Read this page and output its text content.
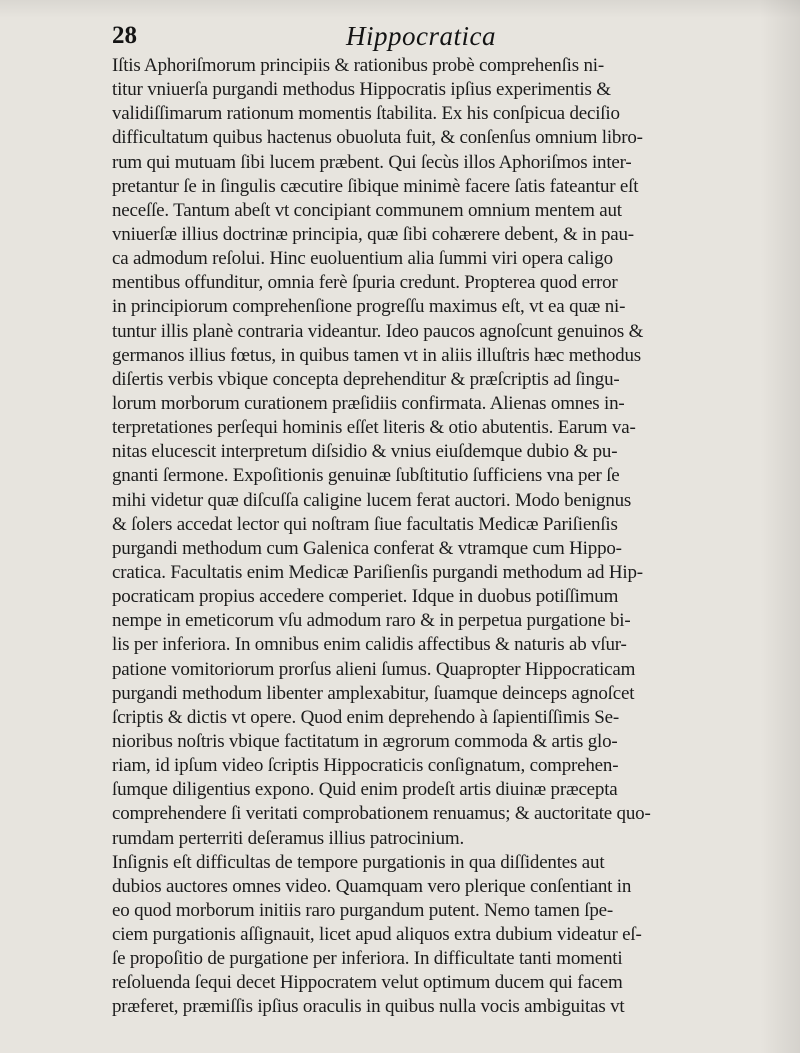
28	Hippocratica
Iſtis Aphoriſmorum principiis & rationibus probè comprehenſis ni-
titur vniuerſa purgandi methodus Hippocratis ipſius experimentis &
validiſſimarum rationum momentis ſtabilita. Ex his conſpicua deciſio
difficultatum quibus hactenus obuoluta fuit, & conſenſus omnium libro-
rum qui mutuam ſibi lucem præbent. Qui ſecùs illos Aphoriſmos inter-
pretantur ſe in ſingulis cæcutire ſibique minimè facere ſatis fateantur eſt
neceſſe. Tantum abeſt vt concipiant communem omnium mentem aut
vniuerſæ illius doctrinæ principia, quæ ſibi cohærere debent, & in pau-
ca admodum reſolui. Hinc euoluentium alia ſummi viri opera caligo
mentibus offunditur, omnia ferè ſpuria credunt. Propterea quod error
in principiorum comprehenſione progreſſu maximus eſt, vt ea quæ ni-
tuntur illis planè contraria videantur. Ideo paucos agnoſcunt genuinos &
germanos illius fœtus, in quibus tamen vt in aliis illuſtris hæc methodus
diſertis verbis vbique concepta deprehenditur & præſcriptis ad ſingu-
lorum morborum curationem præſidiis confirmata. Alienas omnes in-
terpretationes perſequi hominis eſſet literis & otio abutentis. Earum va-
nitas elucescit interpretum diſsidio & vnius eiuſdemque dubio & pu-
gnanti ſermone. Expoſitionis genuinæ ſubſtitutio ſufficiens vna per ſe
mihi videtur quæ diſcuſſa caligine lucem ferat auctori. Modo benignus
& ſolers accedat lector qui noſtram ſiue facultatis Medicæ Pariſienſis
purgandi methodum cum Galenica conferat & vtramque cum Hippo-
cratica. Facultatis enim Medicæ Pariſienſis purgandi methodum ad Hip-
pocraticam propius accedere comperiet. Idque in duobus potiſſimum
nempe in emeticorum vſu admodum raro & in perpetua purgatione bi-
lis per inferiora. In omnibus enim calidis affectibus & naturis ab vſur-
patione vomitoriorum prorſus alieni ſumus. Quapropter Hippocraticam
purgandi methodum libenter amplexabitur, ſuamque deinceps agnoſcet
ſcriptis & dictis vt opere. Quod enim deprehendo à ſapientiſſimis Se-
nioribus noſtris vbique factitatum in ægrorum commoda & artis glo-
riam, id ipſum video ſcriptis Hippocraticis conſignatum, comprehen-
ſumque diligentius expono. Quid enim prodeſt artis diuinæ præcepta
comprehendere ſi veritati comprobationem renuamus; & auctoritate quo-
rumdam perterriti deſeramus illius patrocinium.
Inſignis eſt difficultas de tempore purgationis in qua diſſidentes aut
dubios auctores omnes video. Quamquam vero plerique conſentiant in
eo quod morborum initiis raro purgandum putent. Nemo tamen ſpe-
ciem purgationis aſſignauit, licet apud aliquos extra dubium videatur eſ-
ſe propoſitio de purgatione per inferiora. In difficultate tanti momenti
reſoluenda ſequi decet Hippocratem velut optimum ducem qui facem
præferet, præmiſſis ipſius oraculis in quibus nulla vocis ambiguitas vt
